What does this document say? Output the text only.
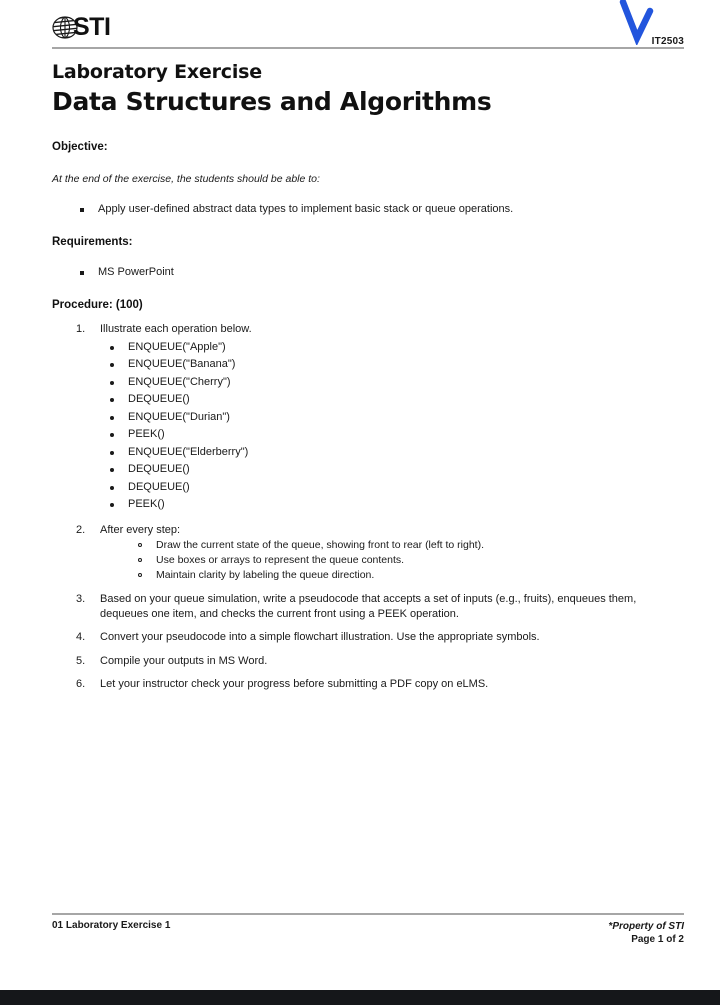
STI
IT2503
Laboratory Exercise
Data Structures and Algorithms
Objective:
At the end of the exercise, the students should be able to:
Apply user-defined abstract data types to implement basic stack or queue operations.
Requirements:
MS PowerPoint
Procedure: (100)
1.	Illustrate each operation below.
ENQUEUE("Apple")
ENQUEUE("Banana")
ENQUEUE("Cherry")
DEQUEUE()
ENQUEUE("Durian")
PEEK()
ENQUEUE("Elderberry")
DEQUEUE()
DEQUEUE()
PEEK()
2.	After every step:
Draw the current state of the queue, showing front to rear (left to right).
Use boxes or arrays to represent the queue contents.
Maintain clarity by labeling the queue direction.
3.	Based on your queue simulation, write a pseudocode that accepts a set of inputs (e.g., fruits), enqueues them, dequeues one item, and checks the current front using a PEEK operation.
4.	Convert your pseudocode into a simple flowchart illustration. Use the appropriate symbols.
5.	Compile your outputs in MS Word.
6.	Let your instructor check your progress before submitting a PDF copy on eLMS.
01 Laboratory Exercise 1	*Property of STI
Page 1 of 2
